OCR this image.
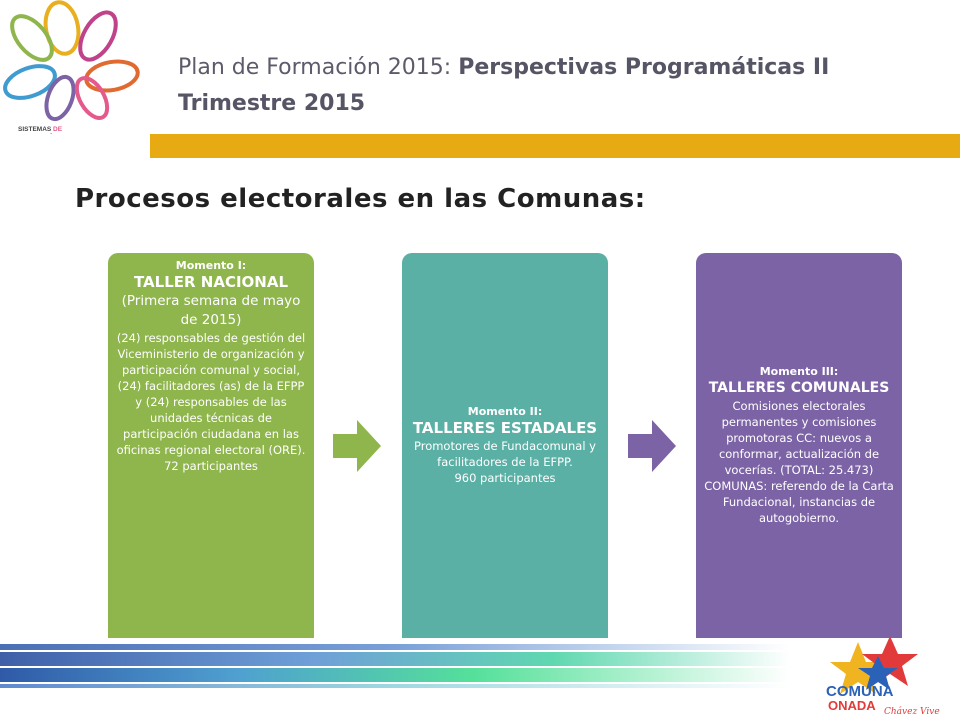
SISTEMAS DE
Plan de Formación 2015: Perspectivas Programáticas II Trimestre 2015
Procesos electorales en las Comunas:
Momento I:
TALLER NACIONAL
(Primera semana de mayo de 2015)
(24) responsables de gestión del Viceministerio de organización y participación comunal y social, (24) facilitadores (as) de la EFPP y (24) responsables de las unidades técnicas de participación ciudadana en las oficinas regional electoral (ORE).
72 participantes
Momento II:
TALLERES ESTADALES
Promotores de Fundacomunal y facilitadores de la EFPP.
960 participantes
Momento III:
TALLERES COMUNALES
Comisiones electorales permanentes y comisiones promotoras CC: nuevos a conformar, actualización de vocerías. (TOTAL: 25.473)
COMUNAS: referendo de la Carta Fundacional, instancias de autogobierno.
COMUNA
ONADA Chávez Vive
